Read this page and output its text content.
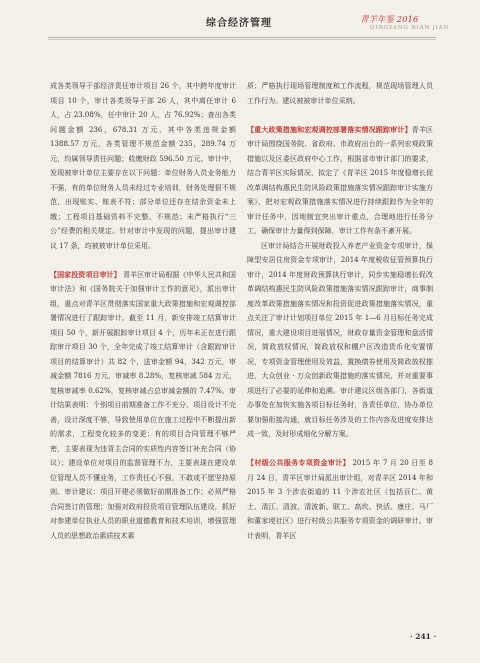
综合经济管理	青羊年鉴 2016
QINGYANG NIAN JIAN

成各类领导干部经济责任审计项目 26 个，其中跨年度审计项目 10 个，审计各类领导干部 26 人，其中离任审计 6 人，占 23.08%，任中审计 20 人，占 76.92%；查出各类问题金额 236，678.31 万元，其中各类违规金额 1388.57 万元，各类管理不规范金额 235，289.74 万元，均属领导责任问题；收缴财政 596.50 万元。审计中，发现被审计单位主要存在以下问题：单位财务人员业务能力不强，有的单位财务人员未经过专业培训，财务处理很不规范，出现账实、账表不符；部分单位还存在结余资金未上缴；工程项目基础资料不完整、不规范；未严格执行“三公”经费的相关规定。针对审计中发现的问题，提出审计建议 17 条，均被被审计单位采用。

【国家投资项目审计】 青羊区审计局根据《中华人民共和国审计法》和《国务院关于加强审计工作的意见》，派出审计组，重点对青羊区贯彻落实国家重大政策措施和宏观调控部署情况进行了跟踪审计。截至 11 月，新安排竣工结算审计项目 50 个，新开展跟踪审计项目 4 个，历年未正在进行跟踪审计项目 30 个，全年完成了竣工结算审计（含跟踪审计项目的结算审计）共 82 个，送审金额 94，342 万元，审减金额 7816 万元，审减率 8.28%，复核审减 584 万元，复核审减率 0.62%，复核审减占总审减金额的 7.47%。审计结果表明：个别项目前期准备工作不充分，项目设计不完善，设计深度不够，导致使用单位在施工过程中不断提出新的需求，工程变化较多的变更；有的项目合同管理不够严密，主要表现为违背主合同的实质性内容签订补充合同（协议）；建设单位对项目的监督管理不力，主要表现在建设单位管理人员不懂业务，工作责任心不强，不敢或不愿坚持原则。审计建议：项目开建必须做好前期准备工作；必须严格合同签订的管理；加强对政府投资项目管理队伍建设，抓好对参建单位执业人员的职业道德教育和技术培训，增强管理人员的思想政治素质技术素

质；严格执行现场管理制度和工作流程，规范现场管理人员工作行为。建议被被审计单位采纳。

【重大政策措施和宏观调控部署落实情况跟踪审计】青羊区审计局围绕国务院、省政府、市政府出台的一系列宏观政策措施以及区委区政府中心工作，根据省市审计部门的要求，结合青羊区实际情况，拟定了《青羊区 2015 年度稳增长促改革调结构惠民生防风险政策措施落实情况跟踪审计实施方案》，把对宏观政策措施落实情况进行持续跟踪作为全年的审计任务中，因地制宜突出审计重点，合理地进行任务分工，确保审计力量得到保障，审计工作有条不紊开展。

区审计局结合开展财政投入养老产业资金专项审计，保障型安居住房资金专项审计，2014 年度税收征管预算执行审计，2014 年度财政预算执行审计，同步实施稳增长促改革调结构惠民生防风险政策措施落实情况跟踪审计，商事制度改革政策措施落实情况和投资促进政策措施落实情况，重点关注了审计计划项目单位 2015 年 1—6 月目标任务完成情况，重大建设项目进展情况，财政存量资金管理和盘活情况，简政放权情况，简政放权和棚户区改造货币化安置情况，专项资金管理使用及效益，置换债券使用及简政放权推进，大众创业 · 万众创新政策措施的落实情况，并对重要事项进行了必要的延伸和追溯。审计建议区级各部门，各街道办事处在加快实施各项目标任务时，各责任单位，协办单位要加强衔接沟通，就目标任务涉及的工作内容及进度安排达成一致，及时形成细化分解方案。

【村级公共服务专项资金审计】 2015 年 7 月 20 日至 8 月 24 日，青羊区审计局派出审计组，对青羊区 2014 年和 2015 年 3 个涉农街道的 11 个涉农社区（包括百仁、黄土、清江、清波、清波新、联工、高坎、快活、康庄、马厂和董家埂社区）进行村级公共服务专项资金的调研审计。审计表明，青羊区

· 241 ·
